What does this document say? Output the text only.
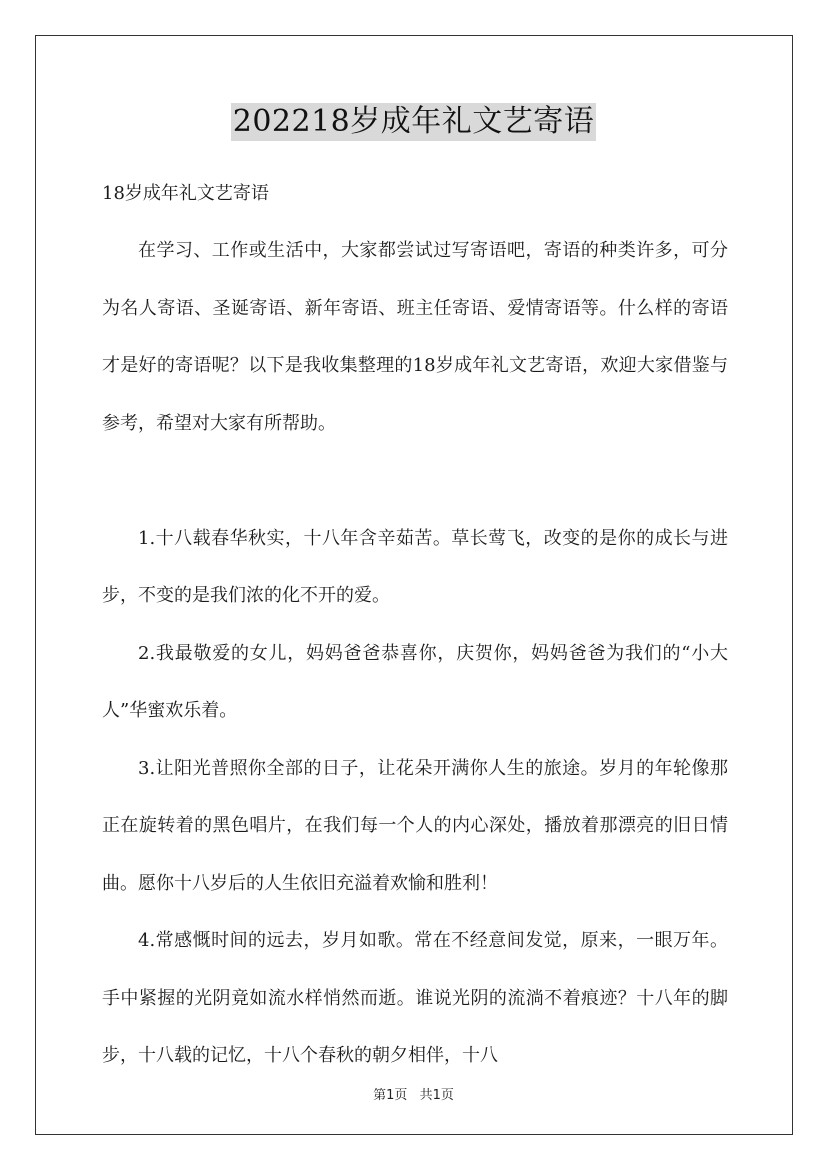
202218岁成年礼文艺寄语

18岁成年礼文艺寄语

在学习、工作或生活中，大家都尝试过写寄语吧，寄语的种类许多，可分为名人寄语、圣诞寄语、新年寄语、班主任寄语、爱情寄语等。什么样的寄语才是好的寄语呢？以下是我收集整理的18岁成年礼文艺寄语，欢迎大家借鉴与参考，希望对大家有所帮助。

1.十八载春华秋实，十八年含辛茹苦。草长莺飞，改变的是你的成长与进步，不变的是我们浓的化不开的爱。

2.我最敬爱的女儿，妈妈爸爸恭喜你，庆贺你，妈妈爸爸为我们的“小大人”华蜜欢乐着。

3.让阳光普照你全部的日子，让花朵开满你人生的旅途。岁月的年轮像那正在旋转着的黑色唱片，在我们每一个人的内心深处，播放着那漂亮的旧日情曲。愿你十八岁后的人生依旧充溢着欢愉和胜利！

4.常感慨时间的远去，岁月如歌。常在不经意间发觉，原来，一眼万年。手中紧握的光阴竟如流水样悄然而逝。谁说光阴的流淌不着痕迹？十八年的脚步，十八载的记忆，十八个春秋的朝夕相伴，十八

第1页 共1页
